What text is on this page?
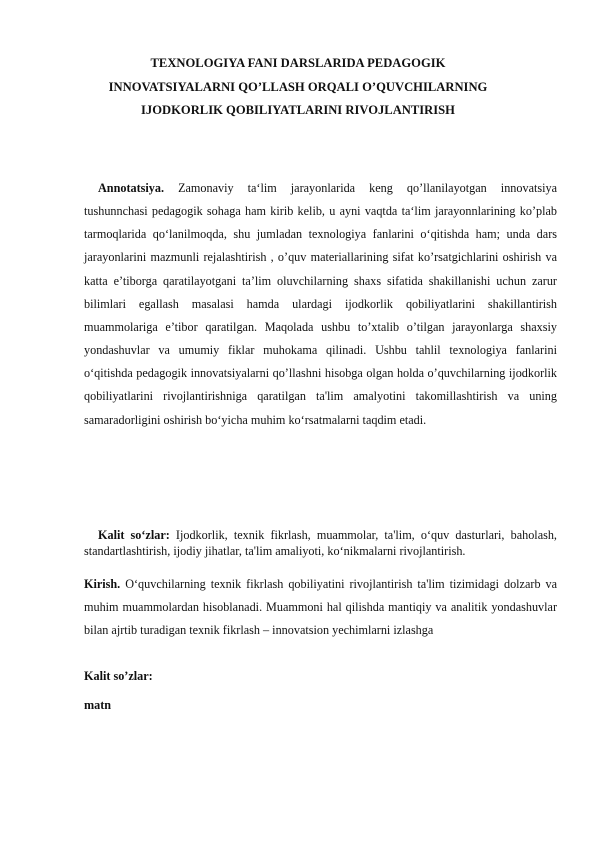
TEXNOLOGIYA FANI DARSLARIDA PEDAGOGIK
INNOVATSIYALARNI QO’LLASH ORQALI O’QUVCHILARNING
IJODKORLIK QOBILIYATLARINI RIVOJLANTIRISH

Annotatsiya. Zamonaviy ta‘lim jarayonlarida keng qo’llanilayotgan innovatsiya tushunnchasi pedagogik sohaga ham kirib kelib, u ayni vaqtda ta‘lim jarayonnlarining ko’plab tarmoqlarida qo‘lanilmoqda, shu jumladan texnologiya fanlarini o‘qitishda ham; unda dars jarayonlarini mazmunli rejalashtirish , o’quv materiallarining sifat ko’rsatgichlarini oshirish va katta e’tiborga qaratilayotgani ta’lim oluvchilarning shaxs sifatida shakillanishi uchun zarur bilimlari egallash masalasi hamda ulardagi ijodkorlik qobiliyatlarini shakillantirish muammolariga e’tibor qaratilgan. Maqolada ushbu to’xtalib o’tilgan jarayonlarga shaxsiy yondashuvlar va umumiy fiklar muhokama qilinadi. Ushbu tahlil texnologiya fanlarini o‘qitishda pedagogik innovatsiyalarni qo’llashni hisobga olgan holda o’quvchilarning ijodkorlik qobiliyatlarini rivojlantirishniga qaratilgan ta'lim amalyotini takomillashtirish va uning samaradorligini oshirish bo‘yicha muhim ko‘rsatmalarni taqdim etadi.

Kalit so‘zlar: Ijodkorlik, texnik fikrlash, muammolar, ta'lim, o‘quv dasturlari, baholash, standartlashtirish, ijodiy jihatlar, ta'lim amaliyoti, ko‘nikmalarni rivojlantirish.

Kirish. O‘quvchilarning texnik fikrlash qobiliyatini rivojlantirish ta'lim tizimidagi dolzarb va muhim muammolardan hisoblanadi. Muammoni hal qilishda mantiqiy va analitik yondashuvlar bilan ajrtib turadigan texnik fikrlash – innovatsion yechimlarni izlashga

Kalit so’zlar:

matn
